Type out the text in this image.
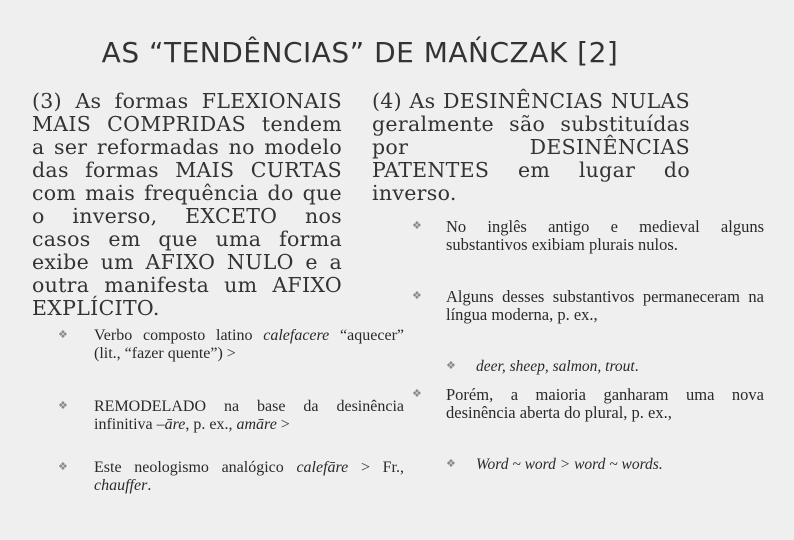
AS “TENDÊNCIAS” DE MAŃCZAK [2]

(3) As formas FLEXIONAIS MAIS COMPRIDAS tendem a ser reformadas no modelo das formas MAIS CURTAS com mais frequência do que o inverso, EXCETO nos casos em que uma forma exibe um AFIXO NULO e a outra manifesta um AFIXO EXPLÍCITO.

❖ Verbo composto latino calefacere “aquecer” (lit., “fazer quente”) >
❖ REMODELADO na base da desinência infinitiva –āre, p. ex., amāre >
❖ Este neologismo analógico calefāre > Fr., chauffer.

(4) As DESINÊNCIAS NULAS geralmente são substituídas por DESINÊNCIAS PATENTES em lugar do inverso.

❖ No inglês antigo e medieval alguns substantivos exibiam plurais nulos.
❖ Alguns desses substantivos permaneceram na língua moderna, p. ex.,
❖ deer, sheep, salmon, trout.
❖ Porém, a maioria ganharam uma nova desinência aberta do plural, p. ex.,
❖ Word ~ word > word ~ words.
